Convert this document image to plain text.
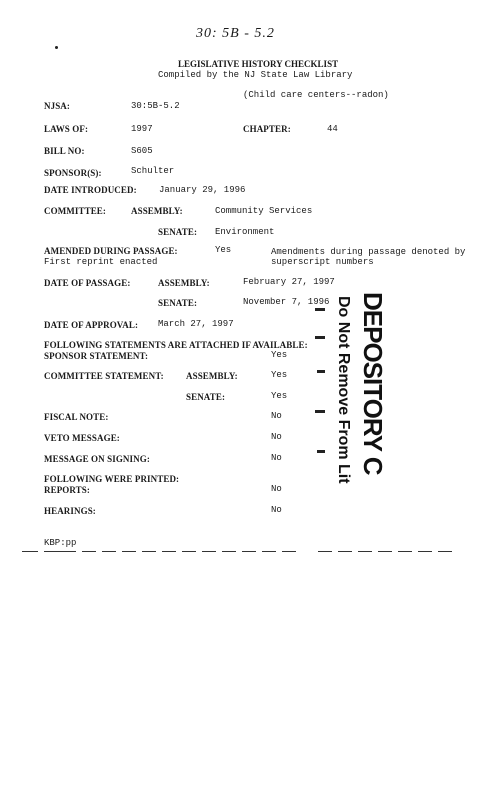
30: 5B - 5.2
LEGISLATIVE HISTORY CHECKLIST
Compiled by the NJ State Law Library
(Child care centers--radon)
NJSA:	30:5B-5.2
LAWS OF:	1997	CHAPTER:	44
BILL NO:	S605
SPONSOR(S):	Schulter
DATE INTRODUCED: January 29, 1996
COMMITTEE:	ASSEMBLY:	Community Services
SENATE: Environment
AMENDED DURING PASSAGE:	Yes	Amendments during passage denoted by
superscript numbers
First reprint enacted
DATE OF PASSAGE:	ASSEMBLY:	February 27, 1997
SENATE:	November 7, 1996
DATE OF APPROVAL: March 27, 1997
FOLLOWING STATEMENTS ARE ATTACHED IF AVAILABLE:
SPONSOR STATEMENT:	Yes
COMMITTEE STATEMENT: ASSEMBLY:	Yes
SENATE:	Yes
FISCAL NOTE:	No
VETO MESSAGE:	No
MESSAGE ON SIGNING:	No
FOLLOWING WERE PRINTED:
REPORTS:	No
HEARINGS:	No
KBP:pp
DEPOSITORY C
Do Not Remove From Lit
